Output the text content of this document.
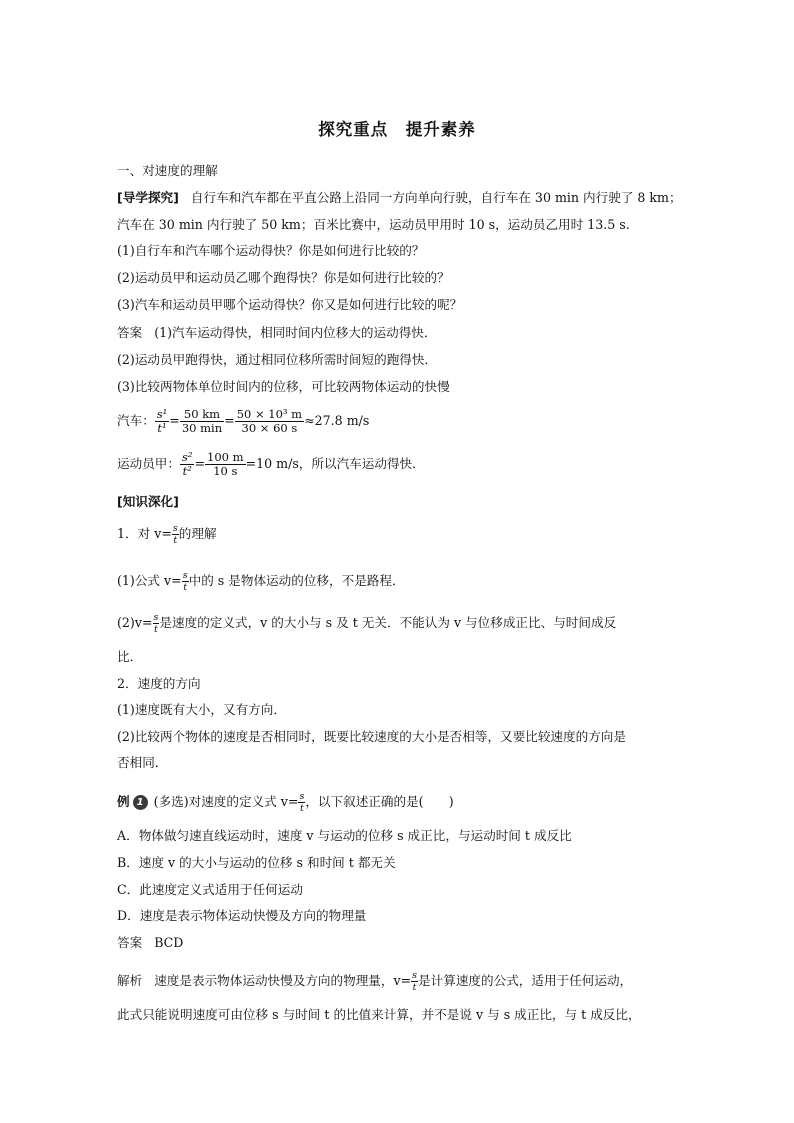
探究重点　提升素养
一、对速度的理解
[导学探究] 自行车和汽车都在平直公路上沿同一方向单向行驶，自行车在 30 min 内行驶了 8 km；
汽车在 30 min 内行驶了 50 km；百米比赛中，运动员甲用时 10 s，运动员乙用时 13.5 s.
(1)自行车和汽车哪个运动得快？你是如何进行比较的？
(2)运动员甲和运动员乙哪个跑得快？你是如何进行比较的？
(3)汽车和运动员甲哪个运动得快？你又是如何进行比较的呢？
答案 (1)汽车运动得快，相同时间内位移大的运动得快．
(2)运动员甲跑得快，通过相同位移所需时间短的跑得快．
(3)比较两物体单位时间内的位移，可比较两物体运动的快慢
汽车： $\frac{\text{s¹}}{\text{t¹}} = \frac{50 km}{30 \min} = \frac{\text{50 × 10³ m}}{30 \times 60 s} \approx 27.8$ m/s
运动员甲： $\frac{\text{s²}}{\text{t²}} = \frac{100 m}{10 s} =10$ m/s，所以汽车运动得快．
[知识深化]
1．对 $v= \frac{s}{t}$ 的理解
(1)公式 $v= \frac{s}{t}$ 中的 s 是物体运动的位移，不是路程．
$(2)v= \frac{s}{t}$ 是速度的定义式，v 的大小与 s 及 t 无关．不能认为 v 与位移成正比、与时间成反
比．
2．速度的方向
(1)速度既有大小，又有方向．
(2)比较两个物体的速度是否相同时，既要比较速度的大小是否相等，又要比较速度的方向是
否相同．
例 1 (多选)对速度的定义式 $v= \frac{s}{t}$ ，以下叙述正确的是(　　)
A．物体做匀速直线运动时，速度 v 与运动的位移 s 成正比，与运动时间 t 成反比
B．速度 v 的大小与运动的位移 s 和时间 t 都无关
C．此速度定义式适用于任何运动
D．速度是表示物体运动快慢及方向的物理量
答案 BCD
解析 速度是表示物体运动快慢及方向的物理量，$v= \frac{s}{t}$ 是计算速度的公式，适用于任何运动，
此式只能说明速度可由位移 s 与时间 t 的比值来计算，并不是说 v 与 s 成正比，与 t 成反比，
